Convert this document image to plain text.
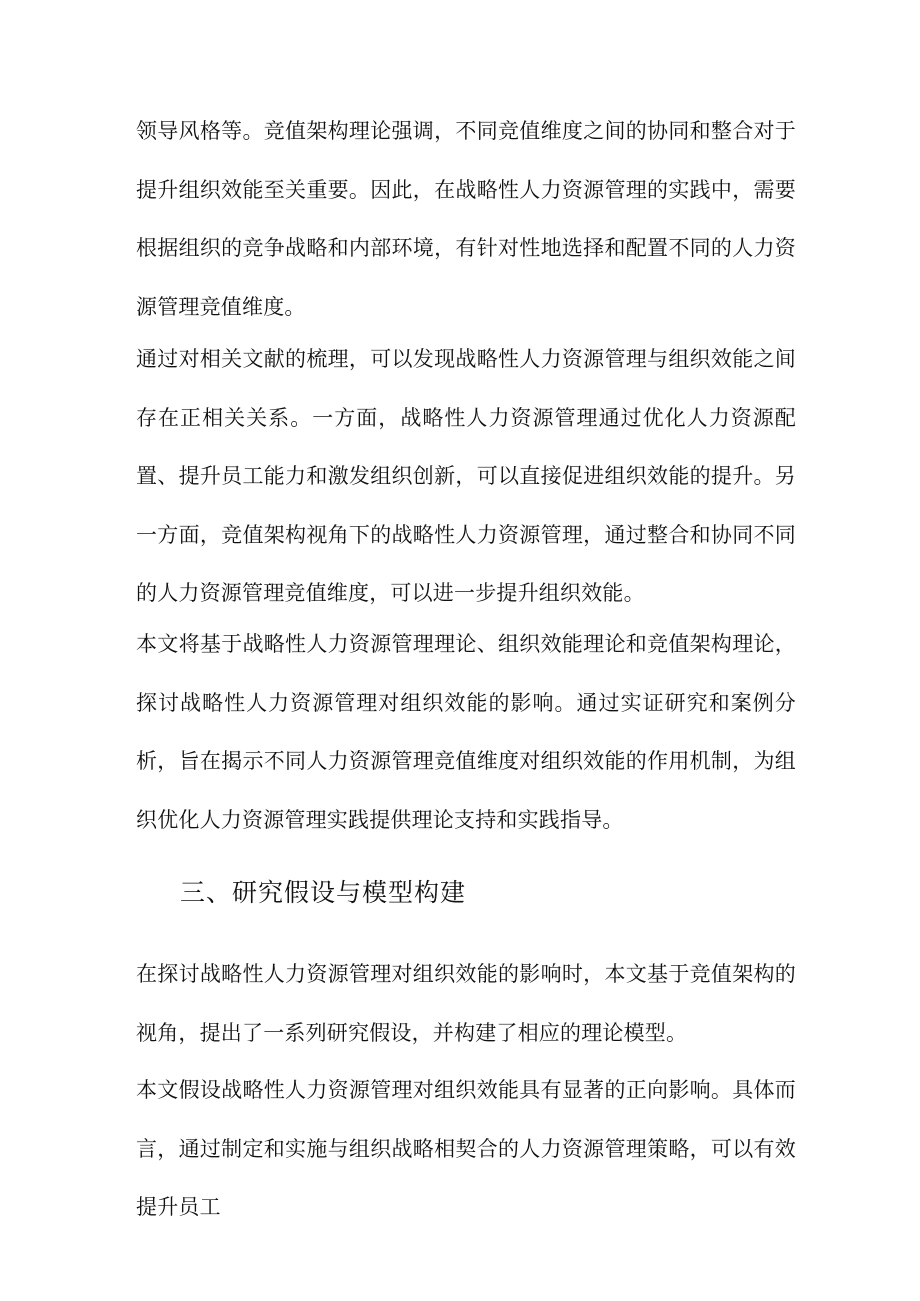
领导风格等。竞值架构理论强调，不同竞值维度之间的协同和整合对于提升组织效能至关重要。因此，在战略性人力资源管理的实践中，需要根据组织的竞争战略和内部环境，有针对性地选择和配置不同的人力资源管理竞值维度。

通过对相关文献的梳理，可以发现战略性人力资源管理与组织效能之间存在正相关关系。一方面，战略性人力资源管理通过优化人力资源配置、提升员工能力和激发组织创新，可以直接促进组织效能的提升。另一方面，竞值架构视角下的战略性人力资源管理，通过整合和协同不同的人力资源管理竞值维度，可以进一步提升组织效能。

本文将基于战略性人力资源管理理论、组织效能理论和竞值架构理论，探讨战略性人力资源管理对组织效能的影响。通过实证研究和案例分析，旨在揭示不同人力资源管理竞值维度对组织效能的作用机制，为组织优化人力资源管理实践提供理论支持和实践指导。

三、研究假设与模型构建

在探讨战略性人力资源管理对组织效能的影响时，本文基于竞值架构的视角，提出了一系列研究假设，并构建了相应的理论模型。

本文假设战略性人力资源管理对组织效能具有显著的正向影响。具体而言，通过制定和实施与组织战略相契合的人力资源管理策略，可以有效提升员工
